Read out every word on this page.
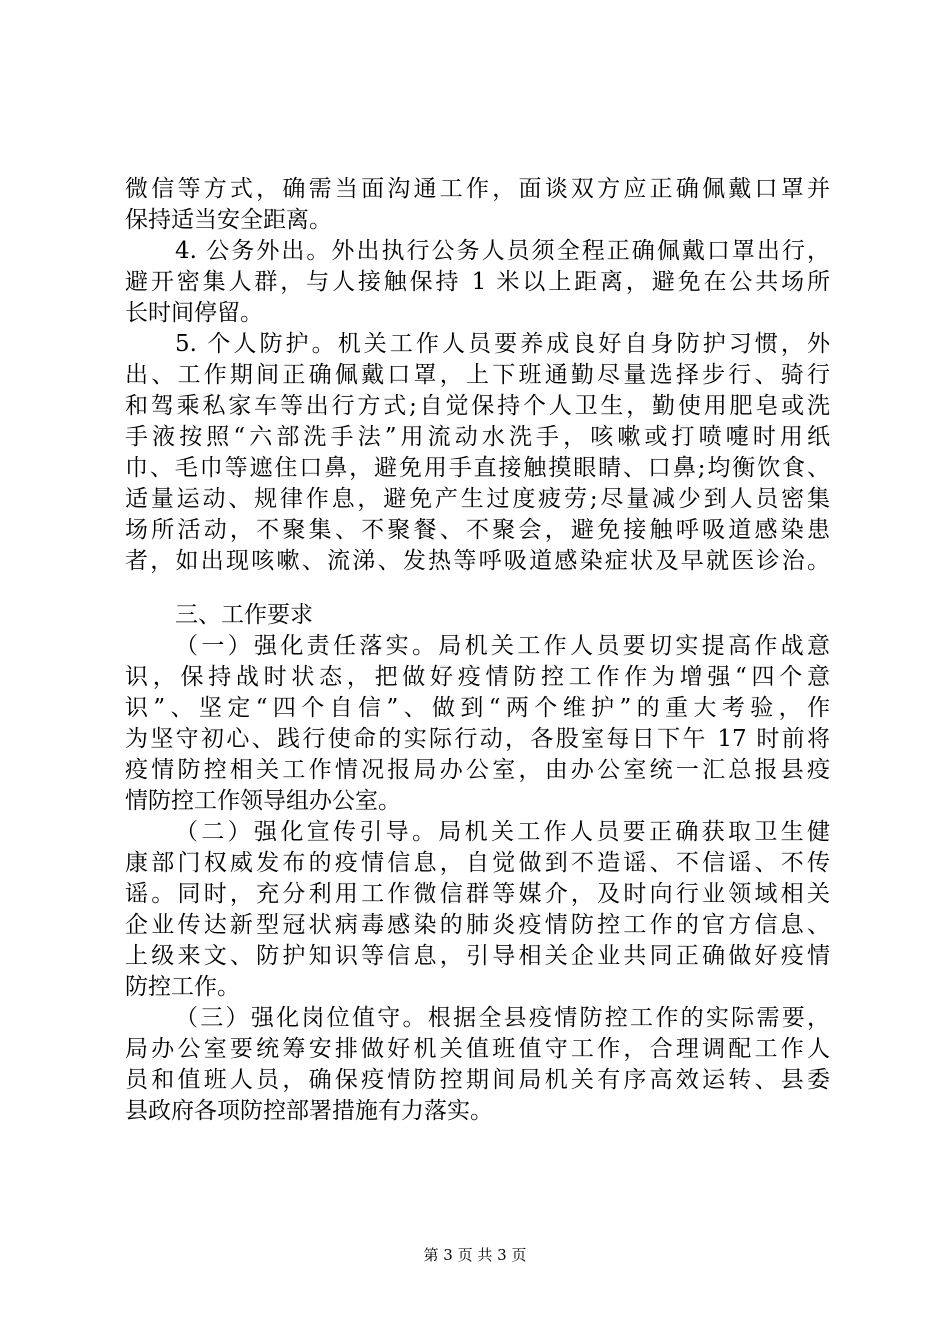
微信等方式，确需当面沟通工作，面谈双方应正确佩戴口罩并
保持适当安全距离。
4. 公务外出。外出执行公务人员须全程正确佩戴口罩出行，
避开密集人群，与人接触保持 1 米以上距离，避免在公共场所
长时间停留。
5. 个人防护。机关工作人员要养成良好自身防护习惯，外
出、工作期间正确佩戴口罩，上下班通勤尽量选择步行、骑行
和驾乘私家车等出行方式;自觉保持个人卫生，勤使用肥皂或洗
手液按照“六部洗手法”用流动水洗手，咳嗽或打喷嚏时用纸
巾、毛巾等遮住口鼻，避免用手直接触摸眼睛、口鼻;均衡饮食、
适量运动、规律作息，避免产生过度疲劳;尽量减少到人员密集
场所活动，不聚集、不聚餐、不聚会，避免接触呼吸道感染患
者，如出现咳嗽、流涕、发热等呼吸道感染症状及早就医诊治。
三、工作要求
（一）强化责任落实。局机关工作人员要切实提高作战意
识，保持战时状态，把做好疫情防控工作作为增强“四个意
识”、坚定“四个自信”、做到“两个维护”的重大考验，作
为坚守初心、践行使命的实际行动，各股室每日下午 17 时前将
疫情防控相关工作情况报局办公室，由办公室统一汇总报县疫
情防控工作领导组办公室。
（二）强化宣传引导。局机关工作人员要正确获取卫生健
康部门权威发布的疫情信息，自觉做到不造谣、不信谣、不传
谣。同时，充分利用工作微信群等媒介，及时向行业领域相关
企业传达新型冠状病毒感染的肺炎疫情防控工作的官方信息、
上级来文、防护知识等信息，引导相关企业共同正确做好疫情
防控工作。
（三）强化岗位值守。根据全县疫情防控工作的实际需要，
局办公室要统筹安排做好机关值班值守工作，合理调配工作人
员和值班人员，确保疫情防控期间局机关有序高效运转、县委
县政府各项防控部署措施有力落实。
第 3 页 共 3 页
